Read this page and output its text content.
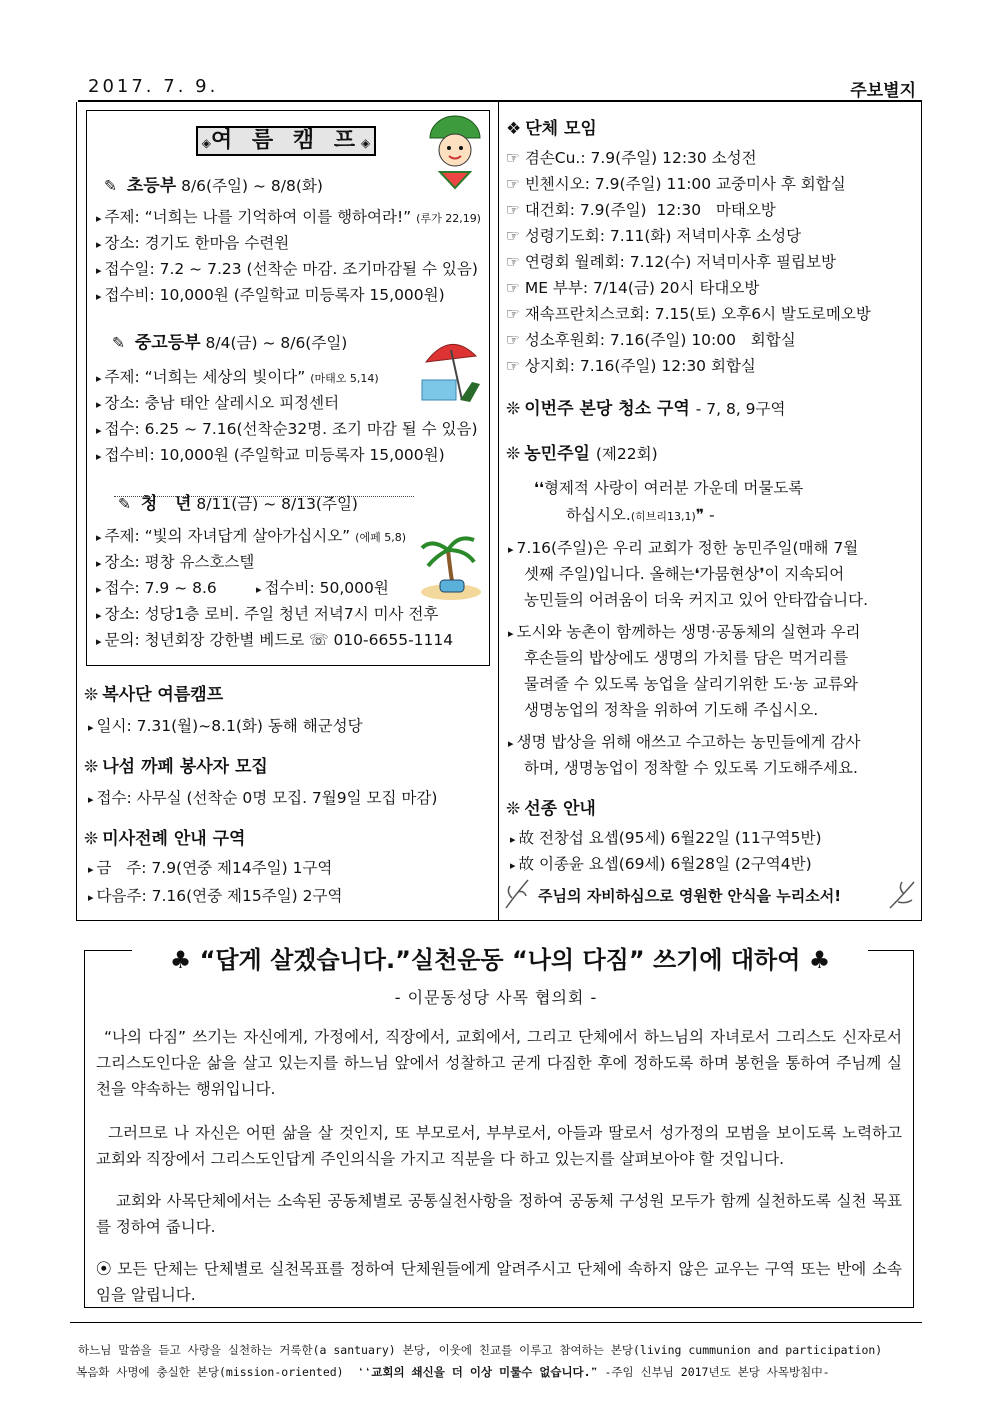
2017. 7. 9.	주보별지
◈여 름 캠 프◈
✎ 초등부 8/6(주일) ~ 8/8(화)
▸ 주제: “너희는 나를 기억하여 이를 행하여라!” (루가 22,19)
▸ 장소: 경기도 한마음 수련원
▸ 접수일: 7.2 ~ 7.23 (선착순 마감. 조기마감될 수 있음)
▸ 접수비: 10,000원 (주일학교 미등록자 15,000원)
✎ 중고등부 8/4(금) ~ 8/6(주일)
▸ 주제: “너희는 세상의 빛이다” (마태오 5,14)
▸ 장소: 충남 태안 살레시오 피정센터
▸ 접수: 6.25 ~ 7.16(선착순32명. 조기 마감 될 수 있음)
▸ 접수비: 10,000원 (주일학교 미등록자 15,000원)
✎ 청   년 8/11(금) ~ 8/13(주일)
▸ 주제: “빛의 자녀답게 살아가십시오” (에페 5,8)
▸ 장소: 평창 유스호스텔
▸ 접수: 7.9 ~ 8.6
▸	접수비: 50,000원
▸ 장소: 성당1층 로비. 주일 청년 저녁7시 미사 전후
▸ 문의: 청년회장 강한별 베드로 ☏ 010-6655-1114
❊ 복사단 여름캠프
▸ 일시: 7.31(월)~8.1(화) 동해 해군성당
❊ 나섬 까페 봉사자 모집
▸ 접수: 사무실 (선착순 0명 모집. 7월9일 모집 마감)
❊ 미사전례 안내 구역
▸ 금   주: 7.9(연중 제14주일) 1구역
▸ 다음주: 7.16(연중 제15주일) 2구역
❖ 단체 모임
☞ 겸손Cu.: 7.9(주일) 12:30 소성전
☞ 빈첸시오: 7.9(주일) 11:00 교중미사 후 회합실
☞ 대건회: 7.9(주일)  12:30   마태오방
☞ 성령기도회: 7.11(화) 저녁미사후 소성당
☞ 연령회 월례회: 7.12(수) 저녁미사후 필립보방
☞ ME 부부: 7/14(금) 20시 타대오방
☞ 재속프란치스코회: 7.15(토) 오후6시 발도로메오방
☞ 성소후원회: 7.16(주일) 10:00   회합실
☞ 상지회: 7.16(주일) 12:30 회합실
❊ 이번주 본당 청소 구역 - 7, 8, 9구역
❊ 농민주일 (제22회)
❛❛형제적 사랑이 여러분 가운데 머물도록
하십시오.(히브리13,1)❞ -
▸ 7.16(주일)은 우리 교회가 정한 농민주일(매해 7월
셋째 주일)입니다. 올해는❛가뭄현상❜이 지속되어
농민들의 어려움이 더욱 커지고 있어 안타깝습니다.
▸ 도시와 농촌이 함께하는 생명·공동체의 실현과 우리
후손들의 밥상에도 생명의 가치를 담은 먹거리를
물려줄 수 있도록 농업을 살리기위한 도·농 교류와
생명농업의 정착을 위하여 기도해 주십시오.
▸ 생명 밥상을 위해 애쓰고 수고하는 농민들에게 감사
하며, 생명농업이 정착할 수 있도록 기도해주세요.
❊ 선종 안내
▸ 故 전창섭 요셉(95세) 6월22일 (11구역5반)
▸ 故 이종윤 요셉(69세) 6월28일 (2구역4반)
주님의 자비하심으로 영원한 안식을 누리소서!
♣ “답게 살겠습니다.”실천운동 “나의 다짐” 쓰기에 대하여 ♣
- 이문동성당 사목 협의회 -
“나의 다짐” 쓰기는 자신에게, 가정에서, 직장에서, 교회에서, 그리고 단체에서 하느님의 자녀로서 그리스도 신자로서 그리스도인다운 삶을 살고 있는지를 하느님 앞에서 성찰하고 굳게 다짐한 후에 정하도록 하며 봉헌을 통하여 주님께 실천을 약속하는 행위입니다.
그러므로 나 자신은 어떤 삶을 살 것인지, 또 부모로서, 부부로서, 아들과 딸로서 성가정의 모범을 보이도록 노력하고 교회와 직장에서 그리스도인답게 주인의식을 가지고 직분을 다 하고 있는지를 살펴보아야 할 것입니다.
교회와 사목단체에서는 소속된 공동체별로 공통실천사항을 정하여 공동체 구성원 모두가 함께 실천하도록 실천 목표를 정하여 줍니다.
⦿ 모든 단체는 단체별로 실천목표를 정하여 단체원들에게 알려주시고 단체에 속하지 않은 교우는 구역 또는 반에 소속임을 알립니다.
하느님 말씀을 듣고 사랑을 실천하는 거룩한(a santuary) 본당, 이웃에 친교를 이루고 참여하는 본당(living cummunion and participation)
복음화 사명에 충실한 본당(mission-oriented) ❛❛교회의 쇄신을 더 이상 미룰수 없습니다.❞ -주임 신부님 2017년도 본당 사목방침中-
